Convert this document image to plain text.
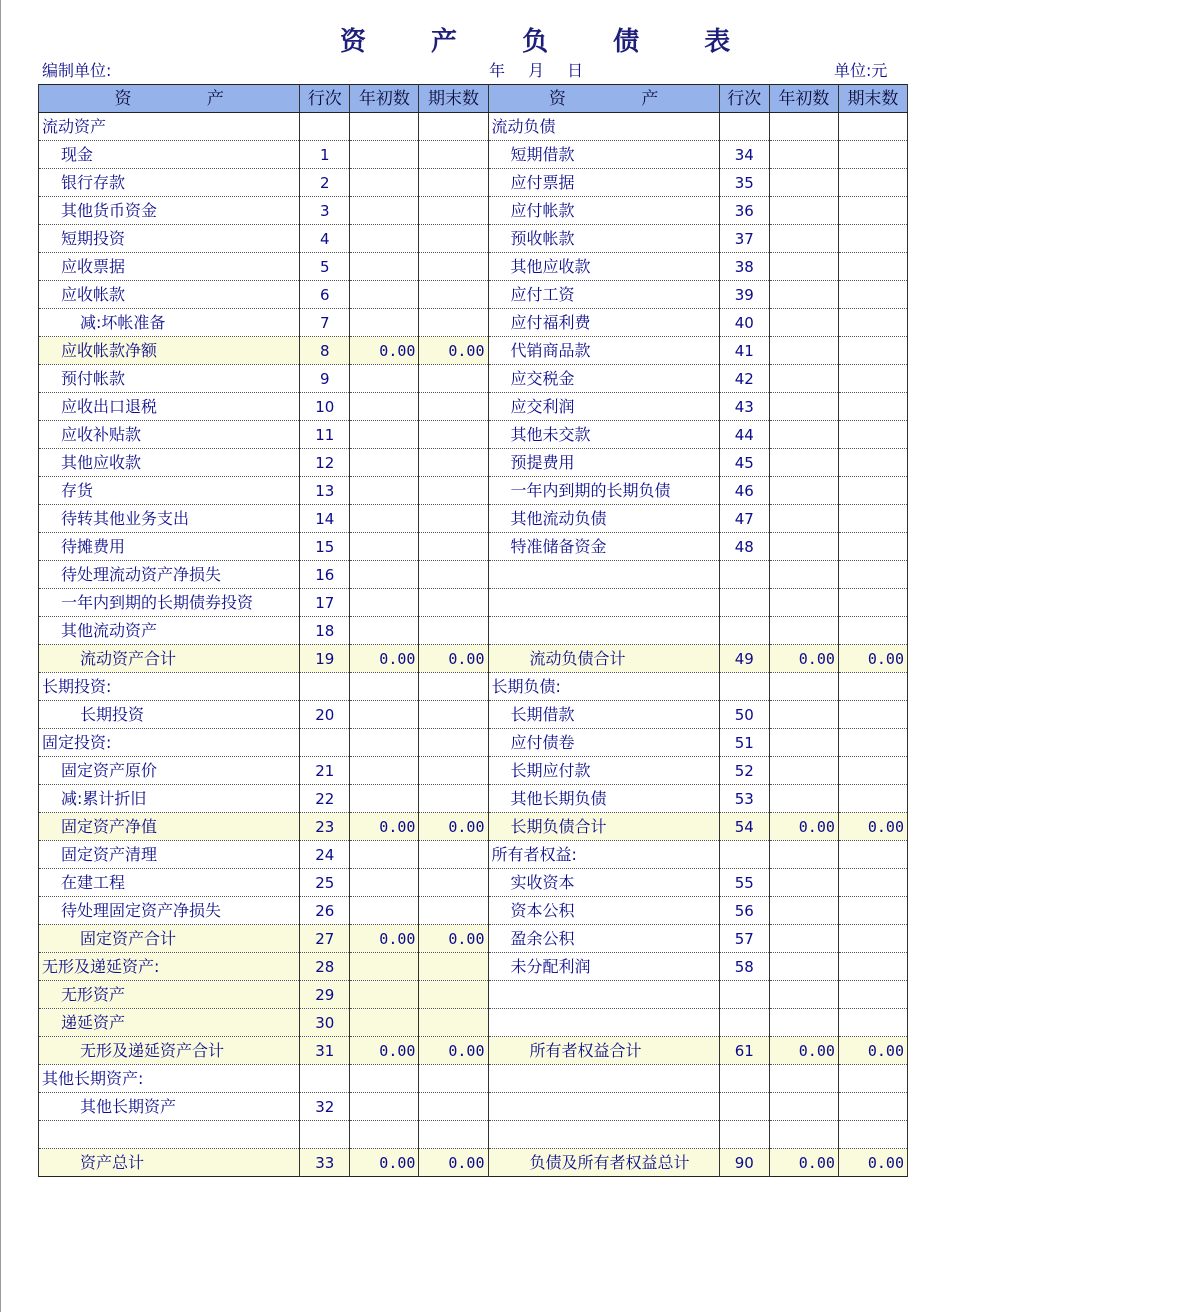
资 产 负 债 表
编制单位:	年 月 日	单位:元
资 产	行次	年初数	期末数	资 产	行次	年初数	期末数
流动资产				流动负债			
现金	1			短期借款	34		
银行存款	2			应付票据	35		
其他货币资金	3			应付帐款	36		
短期投资	4			预收帐款	37		
应收票据	5			其他应收款	38		
应收帐款	6			应付工资	39		
减:坏帐准备	7			应付福利费	40		
应收帐款净额	8	0.00	0.00	代销商品款	41		
预付帐款	9			应交税金	42		
应收出口退税	10			应交利润	43		
应收补贴款	11			其他未交款	44		
其他应收款	12			预提费用	45		
存货	13			一年内到期的长期负债	46		
待转其他业务支出	14			其他流动负债	47		
待摊费用	15			特准储备资金	48		
待处理流动资产净损失	16						
一年内到期的长期债券投资	17						
其他流动资产	18						
流动资产合计	19	0.00	0.00	流动负债合计	49	0.00	0.00
长期投资:				长期负债:			
长期投资	20			长期借款	50		
固定投资:				应付债卷	51		
固定资产原价	21			长期应付款	52		
减:累计折旧	22			其他长期负债	53		
固定资产净值	23	0.00	0.00	长期负债合计	54	0.00	0.00
固定资产清理	24			所有者权益:			
在建工程	25			实收资本	55		
待处理固定资产净损失	26			资本公积	56		
固定资产合计	27	0.00	0.00	盈余公积	57		
无形及递延资产:	28			未分配利润	58		
无形资产	29						
递延资产	30						
无形及递延资产合计	31	0.00	0.00	所有者权益合计	61	0.00	0.00
其他长期资产:							
其他长期资产	32						

资产总计	33	0.00	0.00	负债及所有者权益总计	90	0.00	0.00
